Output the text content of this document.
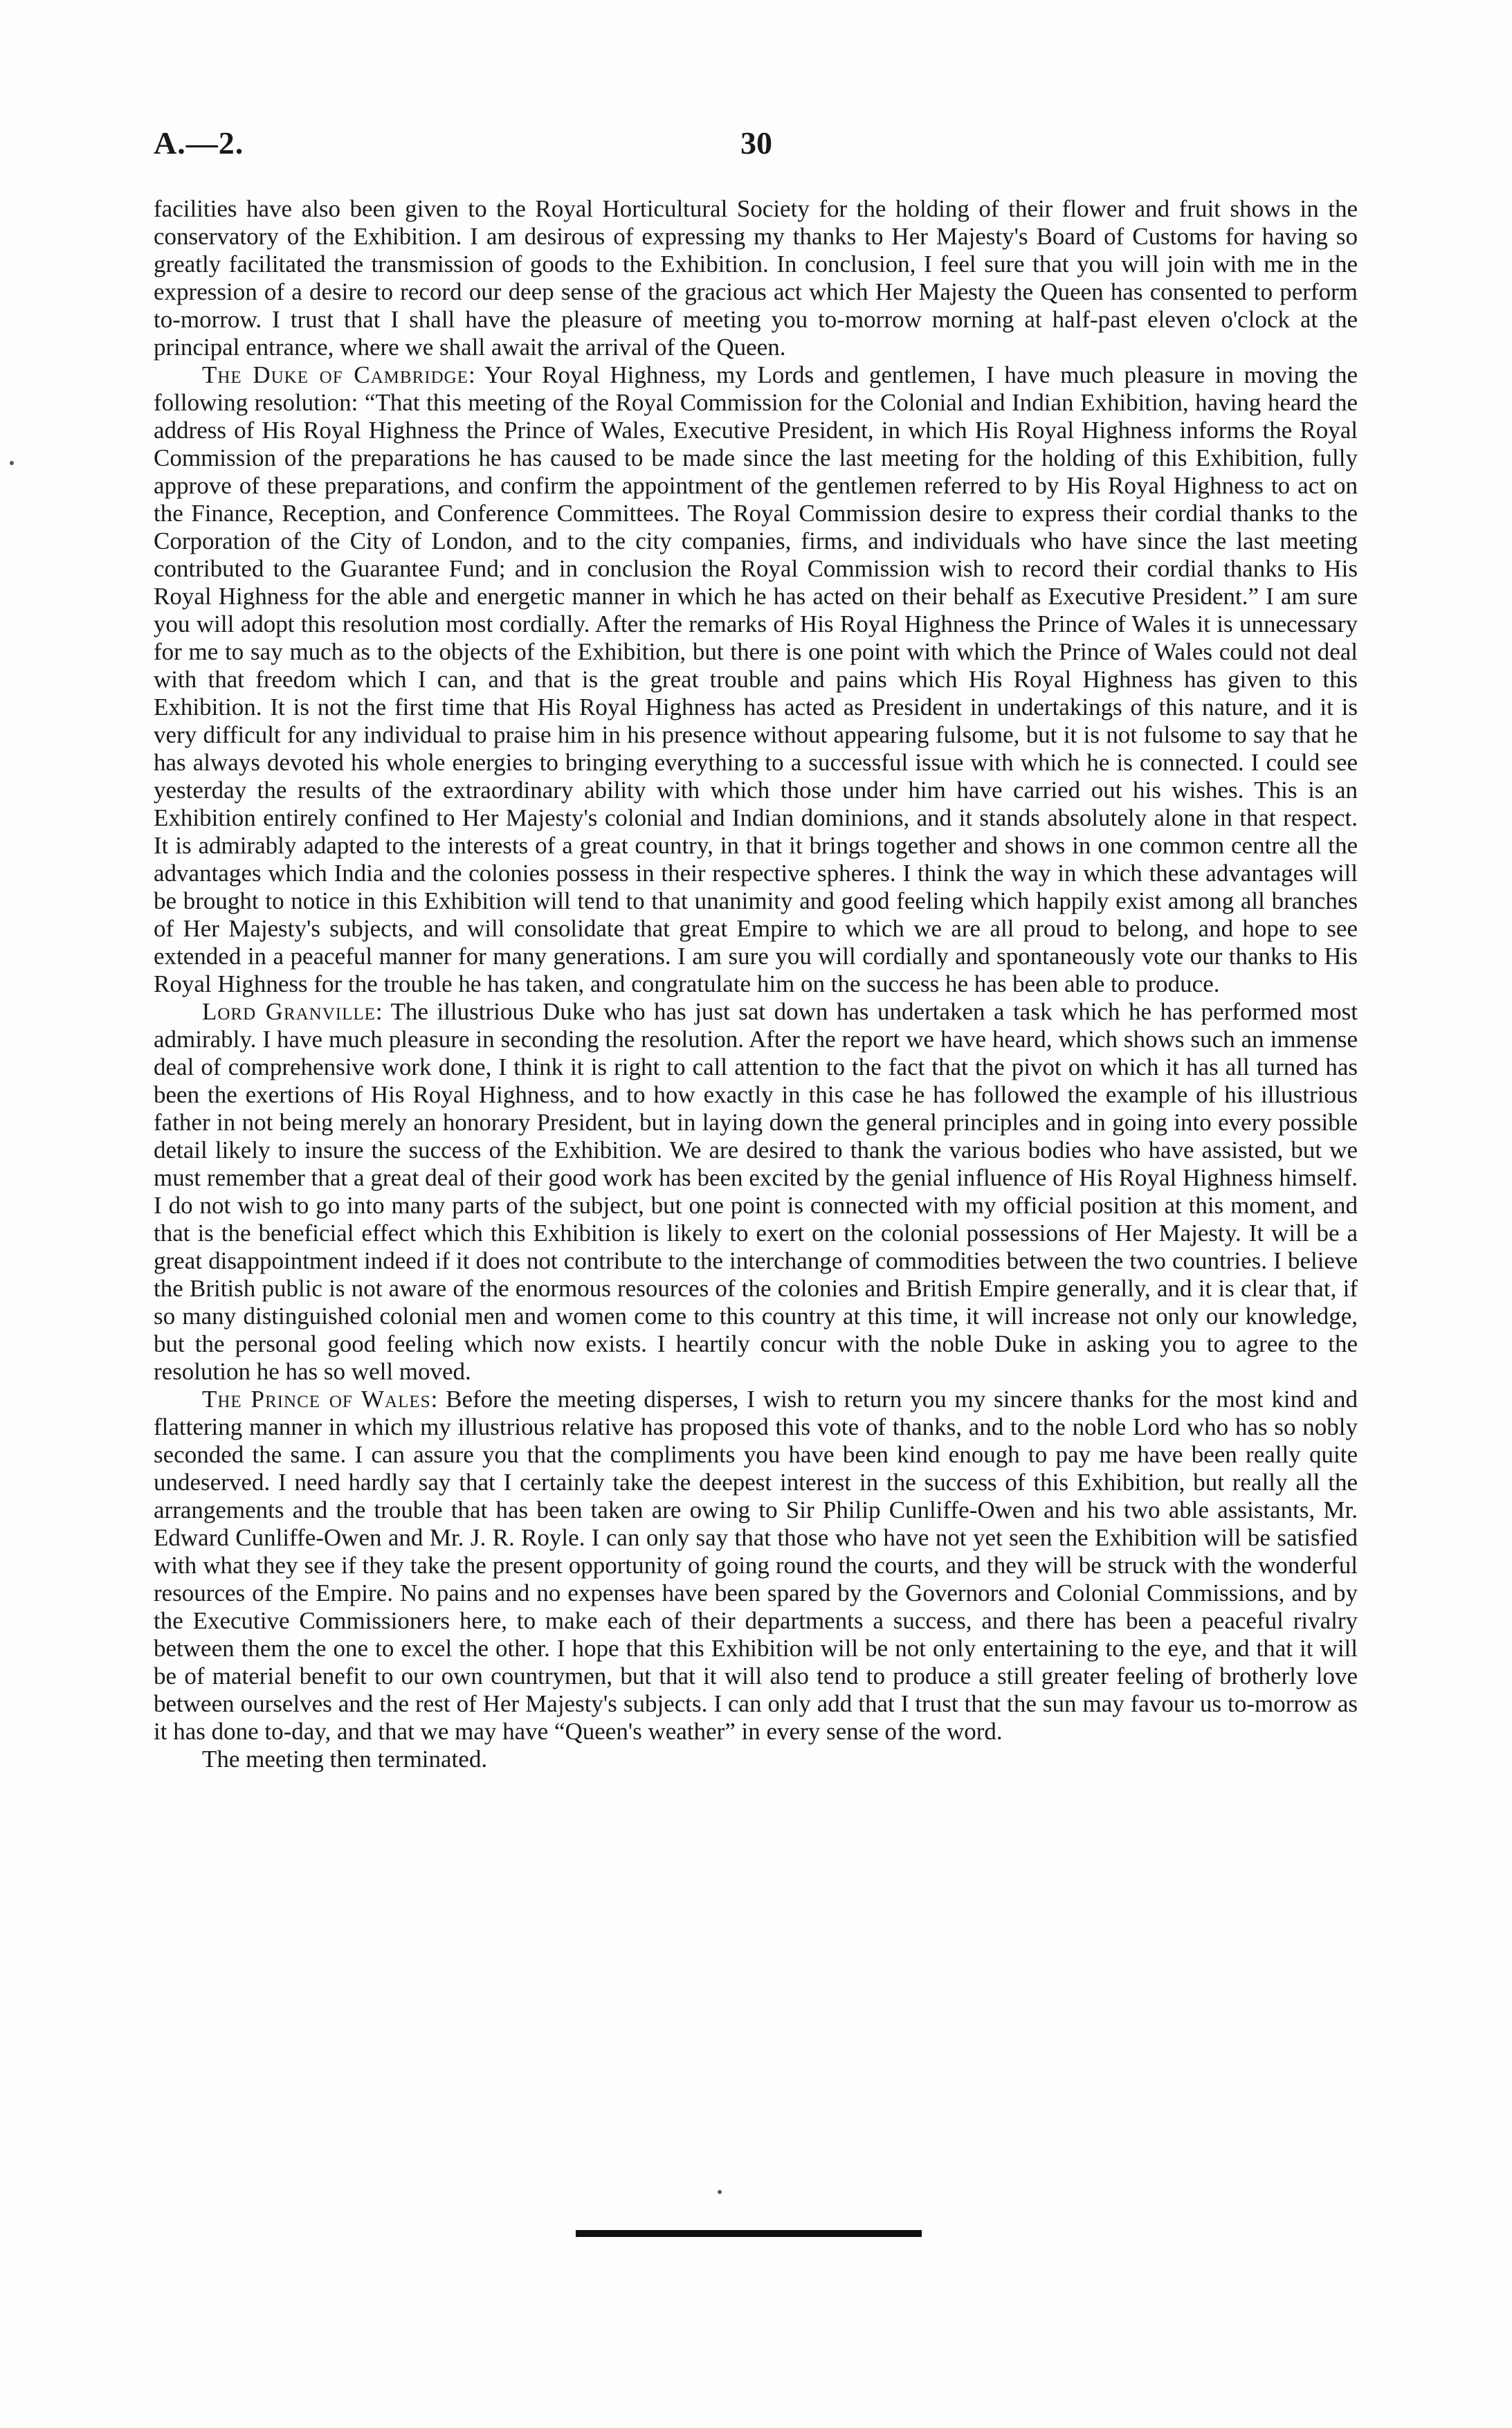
A.—2.	30

facilities have also been given to the Royal Horticultural Society for the holding of their flower and fruit shows in the conservatory of the Exhibition. I am desirous of expressing my thanks to Her Majesty's Board of Customs for having so greatly facilitated the transmission of goods to the Exhibition. In conclusion, I feel sure that you will join with me in the expression of a desire to record our deep sense of the gracious act which Her Majesty the Queen has consented to perform to-morrow. I trust that I shall have the pleasure of meeting you to-morrow morning at half-past eleven o'clock at the principal entrance, where we shall await the arrival of the Queen.

The Duke of Cambridge: Your Royal Highness, my Lords and gentlemen, I have much pleasure in moving the following resolution: “That this meeting of the Royal Commission for the Colonial and Indian Exhibition, having heard the address of His Royal Highness the Prince of Wales, Executive President, in which His Royal Highness informs the Royal Commission of the preparations he has caused to be made since the last meeting for the holding of this Exhibition, fully approve of these preparations, and confirm the appointment of the gentlemen referred to by His Royal Highness to act on the Finance, Reception, and Conference Committees. The Royal Commission desire to express their cordial thanks to the Corporation of the City of London, and to the city companies, firms, and individuals who have since the last meeting contributed to the Guarantee Fund; and in conclusion the Royal Commission wish to record their cordial thanks to His Royal Highness for the able and energetic manner in which he has acted on their behalf as Executive President.” I am sure you will adopt this resolution most cordially. After the remarks of His Royal Highness the Prince of Wales it is unnecessary for me to say much as to the objects of the Exhibition, but there is one point with which the Prince of Wales could not deal with that freedom which I can, and that is the great trouble and pains which His Royal Highness has given to this Exhibition. It is not the first time that His Royal Highness has acted as President in undertakings of this nature, and it is very difficult for any individual to praise him in his presence without appearing fulsome, but it is not fulsome to say that he has always devoted his whole energies to bringing everything to a successful issue with which he is connected. I could see yesterday the results of the extraordinary ability with which those under him have carried out his wishes. This is an Exhibition entirely confined to Her Majesty's colonial and Indian dominions, and it stands absolutely alone in that respect. It is admirably adapted to the interests of a great country, in that it brings together and shows in one common centre all the advantages which India and the colonies possess in their respective spheres. I think the way in which these advantages will be brought to notice in this Exhibition will tend to that unanimity and good feeling which happily exist among all branches of Her Majesty's subjects, and will consolidate that great Empire to which we are all proud to belong, and hope to see extended in a peaceful manner for many generations. I am sure you will cordially and spontaneously vote our thanks to His Royal Highness for the trouble he has taken, and congratulate him on the success he has been able to produce.

Lord Granville: The illustrious Duke who has just sat down has undertaken a task which he has performed most admirably. I have much pleasure in seconding the resolution. After the report we have heard, which shows such an immense deal of comprehensive work done, I think it is right to call attention to the fact that the pivot on which it has all turned has been the exertions of His Royal Highness, and to how exactly in this case he has followed the example of his illustrious father in not being merely an honorary President, but in laying down the general principles and in going into every possible detail likely to insure the success of the Exhibition. We are desired to thank the various bodies who have assisted, but we must remember that a great deal of their good work has been excited by the genial influence of His Royal Highness himself. I do not wish to go into many parts of the subject, but one point is connected with my official position at this moment, and that is the beneficial effect which this Exhibition is likely to exert on the colonial possessions of Her Majesty. It will be a great disappointment indeed if it does not contribute to the interchange of commodities between the two countries. I believe the British public is not aware of the enormous resources of the colonies and British Empire generally, and it is clear that, if so many distinguished colonial men and women come to this country at this time, it will increase not only our knowledge, but the personal good feeling which now exists. I heartily concur with the noble Duke in asking you to agree to the resolution he has so well moved.

The Prince of Wales: Before the meeting disperses, I wish to return you my sincere thanks for the most kind and flattering manner in which my illustrious relative has proposed this vote of thanks, and to the noble Lord who has so nobly seconded the same. I can assure you that the compliments you have been kind enough to pay me have been really quite undeserved. I need hardly say that I certainly take the deepest interest in the success of this Exhibition, but really all the arrangements and the trouble that has been taken are owing to Sir Philip Cunliffe-Owen and his two able assistants, Mr. Edward Cunliffe-Owen and Mr. J. R. Royle. I can only say that those who have not yet seen the Exhibition will be satisfied with what they see if they take the present opportunity of going round the courts, and they will be struck with the wonderful resources of the Empire. No pains and no expenses have been spared by the Governors and Colonial Commissions, and by the Executive Commissioners here, to make each of their departments a success, and there has been a peaceful rivalry between them the one to excel the other. I hope that this Exhibition will be not only entertaining to the eye, and that it will be of material benefit to our own countrymen, but that it will also tend to produce a still greater feeling of brotherly love between ourselves and the rest of Her Majesty's subjects. I can only add that I trust that the sun may favour us to-morrow as it has done to-day, and that we may have “Queen's weather” in every sense of the word.

The meeting then terminated.
